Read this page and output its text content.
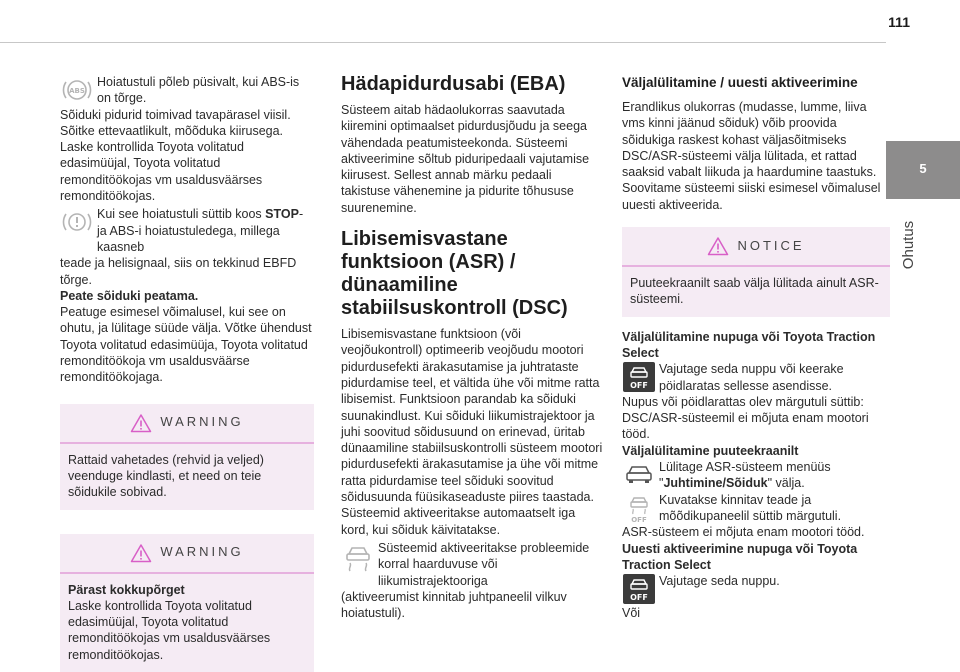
111
5
Ohutus
ABS
Hoiatustuli põleb püsivalt, kui ABS-is on tõrge.
Sõiduki pidurid toimivad tavapärasel viisil. Sõitke ettevaatlikult, mõõduka kiirusega. Laske kontrollida Toyota volitatud edasimüüjal, Toyota volitatud remonditöökojas vm usaldusväärses remonditöökojas.
Kui see hoiatustuli süttib koos STOP- ja ABS-i hoiatustuledega, millega kaasneb
teade ja helisignaal, siis on tekkinud EBFD tõrge.
Peate sõiduki peatama.
Peatuge esimesel võimalusel, kui see on ohutu, ja lülitage süüde välja. Võtke ühendust Toyota volitatud edasimüüja, Toyota volitatud remonditöökoja vm usaldusväärse remonditöökojaga.
WARNING
Rattaid vahetades (rehvid ja veljed) veenduge kindlasti, et need on teie sõidukile sobivad.
WARNING
Pärast kokkupõrget
Laske kontrollida Toyota volitatud edasimüüjal, Toyota volitatud remonditöökojas vm usaldusväärses remonditöökojas.
Hädapidurdusabi (EBA)
Süsteem aitab hädaolukorras saavutada kiiremini optimaalset pidurdusjõudu ja seega vähendada peatumisteekonda. Süsteemi aktiveerimine sõltub piduripedaali vajutamise kiirusest. Sellest annab märku pedaali takistuse vähenemine ja pidurite tõhususe suurenemine.
Libisemisvastane funktsioon (ASR) / dünaamiline stabiilsuskontroll (DSC)
Libisemisvastane funktsioon (või veojõukontroll) optimeerib veojõudu mootori pidurdusefekti ärakasutamise ja juhtrataste pidurdamise teel, et vältida ühe või mitme ratta libisemist. Funktsioon parandab ka sõiduki suunakindlust. Kui sõiduki liikumistrajektoor ja juhi soovitud sõidusuund on erinevad, üritab dünaamiline stabiilsuskontrolli süsteem mootori pidurdusefekti ärakasutamise ja ühe või mitme ratta pidurdamise teel sõiduki soovitud sõidusuunda füüsikaseaduste piires taastada. Süsteemid aktiveeritakse automaatselt iga kord, kui sõiduk käivitatakse.
Süsteemid aktiveeritakse probleemide korral haarduvuse või liikumistrajektooriga
(aktiveerumist kinnitab juhtpaneelil vilkuv hoiatustuli).
Väljalülitamine / uuesti aktiveerimine
Erandlikus olukorras (mudasse, lumme, liiva vms kinni jäänud sõiduk) võib proovida sõidukiga raskest kohast väljasõitmiseks DSC/ASR-süsteemi välja lülitada, et rattad saaksid vabalt liikuda ja haardumine taastuks. Soovitame süsteemi siiski esimesel võimalusel uuesti aktiveerida.
NOTICE
Puuteekraanilt saab välja lülitada ainult ASR-süsteemi.
Väljalülitamine nupuga või Toyota Traction Select
OFF
Vajutage seda nuppu või keerake pöidlaratas sellesse asendisse.
Nupus või pöidlarattas olev märgutuli süttib: DSC/ASR-süsteemil ei mõjuta enam mootori tööd.
Väljalülitamine puuteekraanilt
Lülitage ASR-süsteem menüüs "Juhtimine/Sõiduk" välja.
OFF
Kuvatakse kinnitav teade ja mõõdikupaneelil süttib märgutuli.
ASR-süsteem ei mõjuta enam mootori tööd.
Uuesti aktiveerimine nupuga või Toyota Traction Select
OFF
Vajutage seda nuppu.
Või
